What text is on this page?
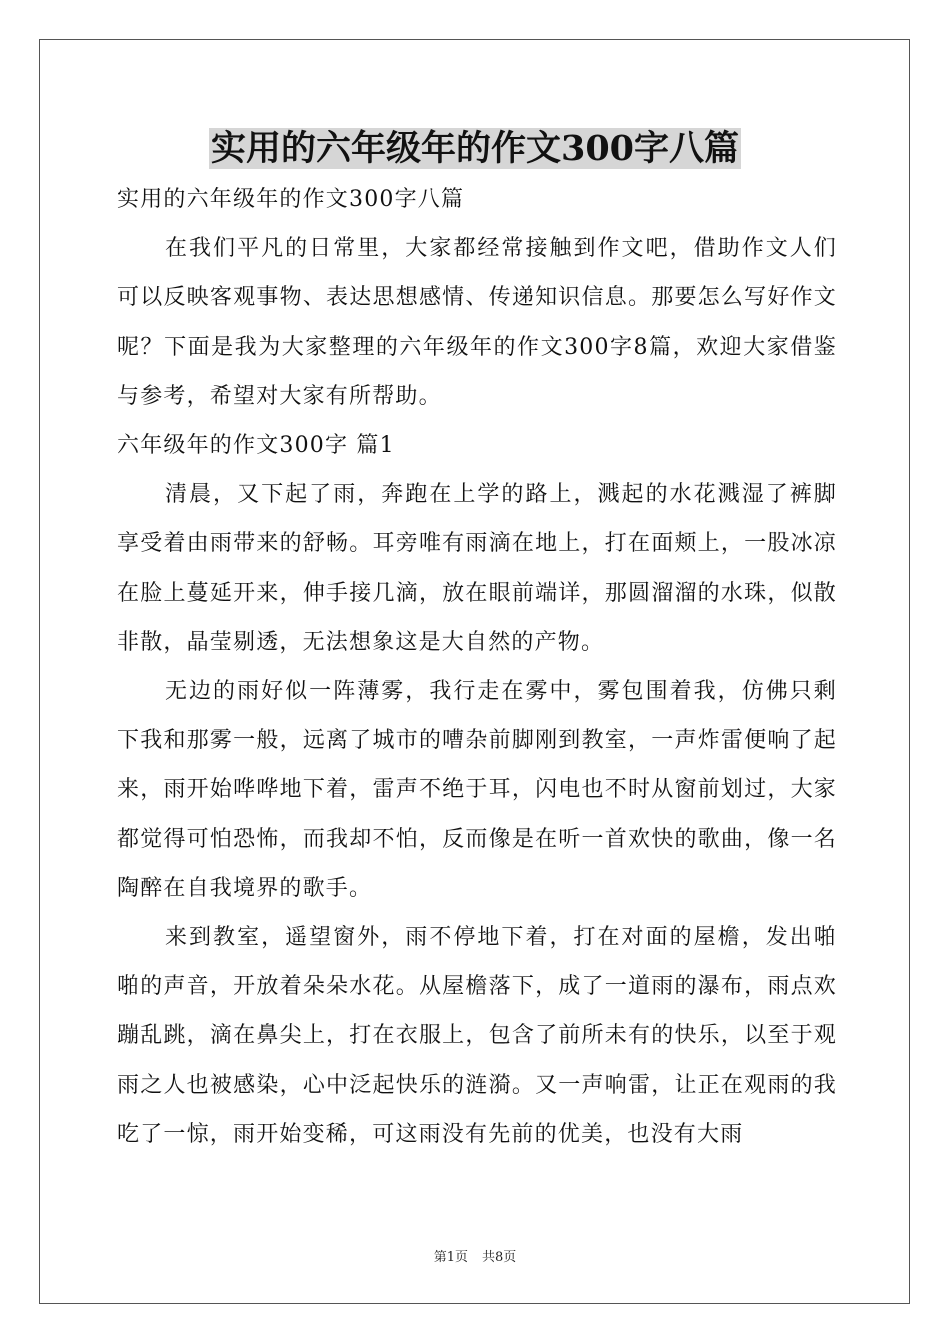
实用的六年级年的作文300字八篇

实用的六年级年的作文300字八篇

在我们平凡的日常里，大家都经常接触到作文吧，借助作文人们可以反映客观事物、表达思想感情、传递知识信息。那要怎么写好作文呢？下面是我为大家整理的六年级年的作文300字8篇，欢迎大家借鉴与参考，希望对大家有所帮助。

六年级年的作文300字 篇1

清晨，又下起了雨，奔跑在上学的路上，溅起的水花溅湿了裤脚享受着由雨带来的舒畅。耳旁唯有雨滴在地上，打在面颊上，一股冰凉在脸上蔓延开来，伸手接几滴，放在眼前端详，那圆溜溜的水珠，似散非散，晶莹剔透，无法想象这是大自然的产物。

无边的雨好似一阵薄雾，我行走在雾中，雾包围着我，仿佛只剩下我和那雾一般，远离了城市的嘈杂前脚刚到教室，一声炸雷便响了起来，雨开始哗哗地下着，雷声不绝于耳，闪电也不时从窗前划过，大家都觉得可怕恐怖，而我却不怕，反而像是在听一首欢快的歌曲，像一名陶醉在自我境界的歌手。

来到教室，遥望窗外，雨不停地下着，打在对面的屋檐，发出啪啪的声音，开放着朵朵水花。从屋檐落下，成了一道雨的瀑布，雨点欢蹦乱跳，滴在鼻尖上，打在衣服上，包含了前所未有的快乐，以至于观雨之人也被感染，心中泛起快乐的涟漪。又一声响雷，让正在观雨的我吃了一惊，雨开始变稀，可这雨没有先前的优美，也没有大雨

第1页 共8页
